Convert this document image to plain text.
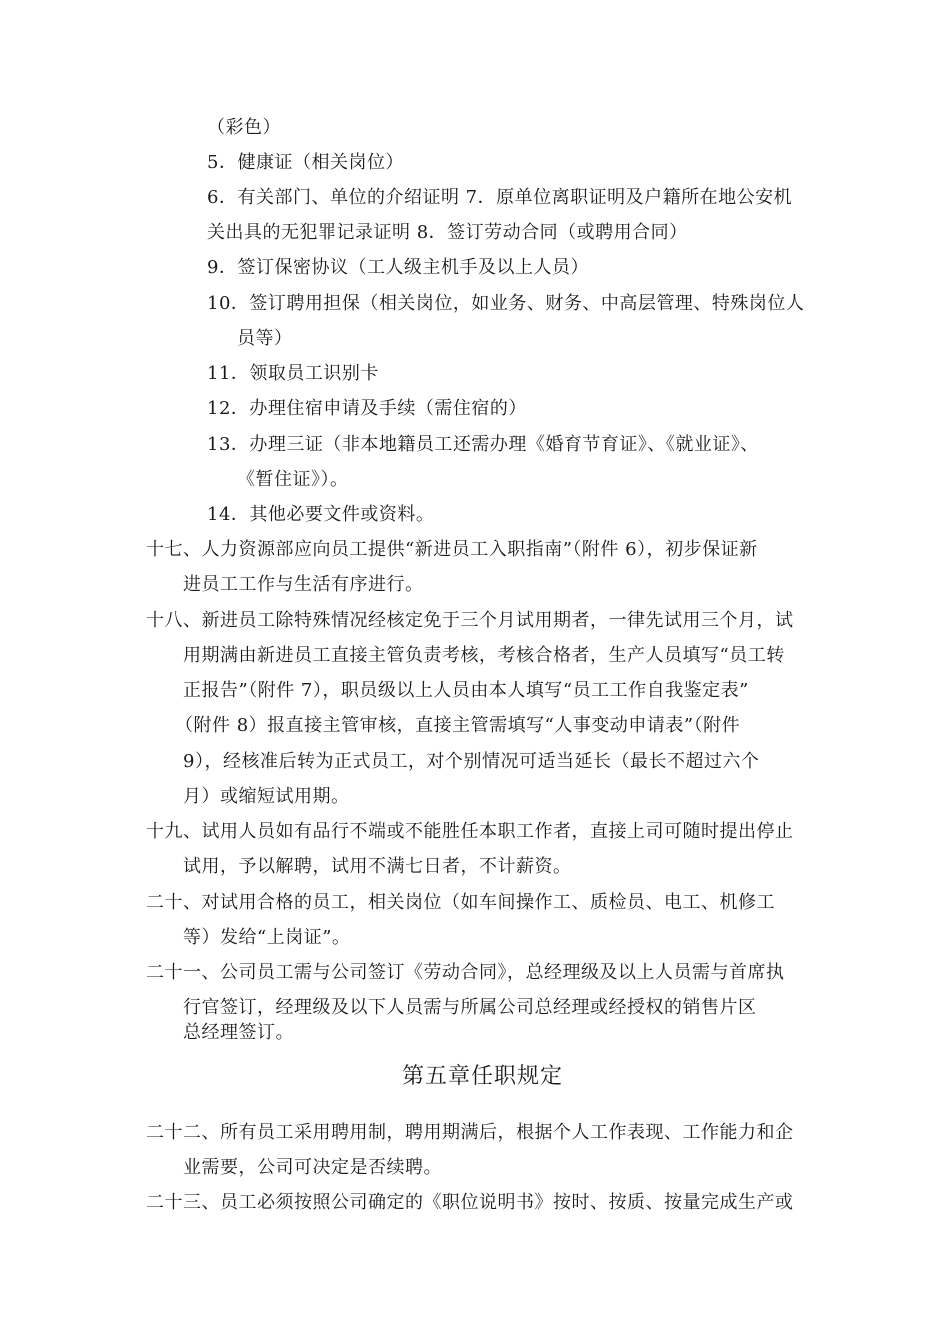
（彩色）
5．健康证（相关岗位）
6．有关部门、单位的介绍证明 7．原单位离职证明及户籍所在地公安机
关出具的无犯罪记录证明 8．签订劳动合同（或聘用合同）
9．签订保密协议（工人级主机手及以上人员）
10．签订聘用担保（相关岗位，如业务、财务、中高层管理、特殊岗位人
员等）
11．领取员工识别卡
12．办理住宿申请及手续（需住宿的）
13．办理三证（非本地籍员工还需办理《婚育节育证》、《就业证》、
《暂住证》）。
14．其他必要文件或资料。
十七、人力资源部应向员工提供“新进员工入职指南”（附件 6），初步保证新
进员工工作与生活有序进行。
十八、新进员工除特殊情况经核定免于三个月试用期者，一律先试用三个月，试
用期满由新进员工直接主管负责考核，考核合格者，生产人员填写“员工转
正报告”（附件 7），职员级以上人员由本人填写“员工工作自我鉴定表”
（附件 8）报直接主管审核，直接主管需填写“人事变动申请表”（附件
9），经核准后转为正式员工，对个别情况可适当延长（最长不超过六个
月）或缩短试用期。
十九、试用人员如有品行不端或不能胜任本职工作者，直接上司可随时提出停止
试用，予以解聘，试用不满七日者，不计薪资。
二十、对试用合格的员工，相关岗位（如车间操作工、质检员、电工、机修工
等）发给“上岗证”。
二十一、公司员工需与公司签订《劳动合同》，总经理级及以上人员需与首席执
行官签订，经理级及以下人员需与所属公司总经理或经授权的销售片区
总经理签订。
第五章任职规定
二十二、所有员工采用聘用制，聘用期满后，根据个人工作表现、工作能力和企
业需要，公司可决定是否续聘。
二十三、员工必须按照公司确定的《职位说明书》按时、按质、按量完成生产或
